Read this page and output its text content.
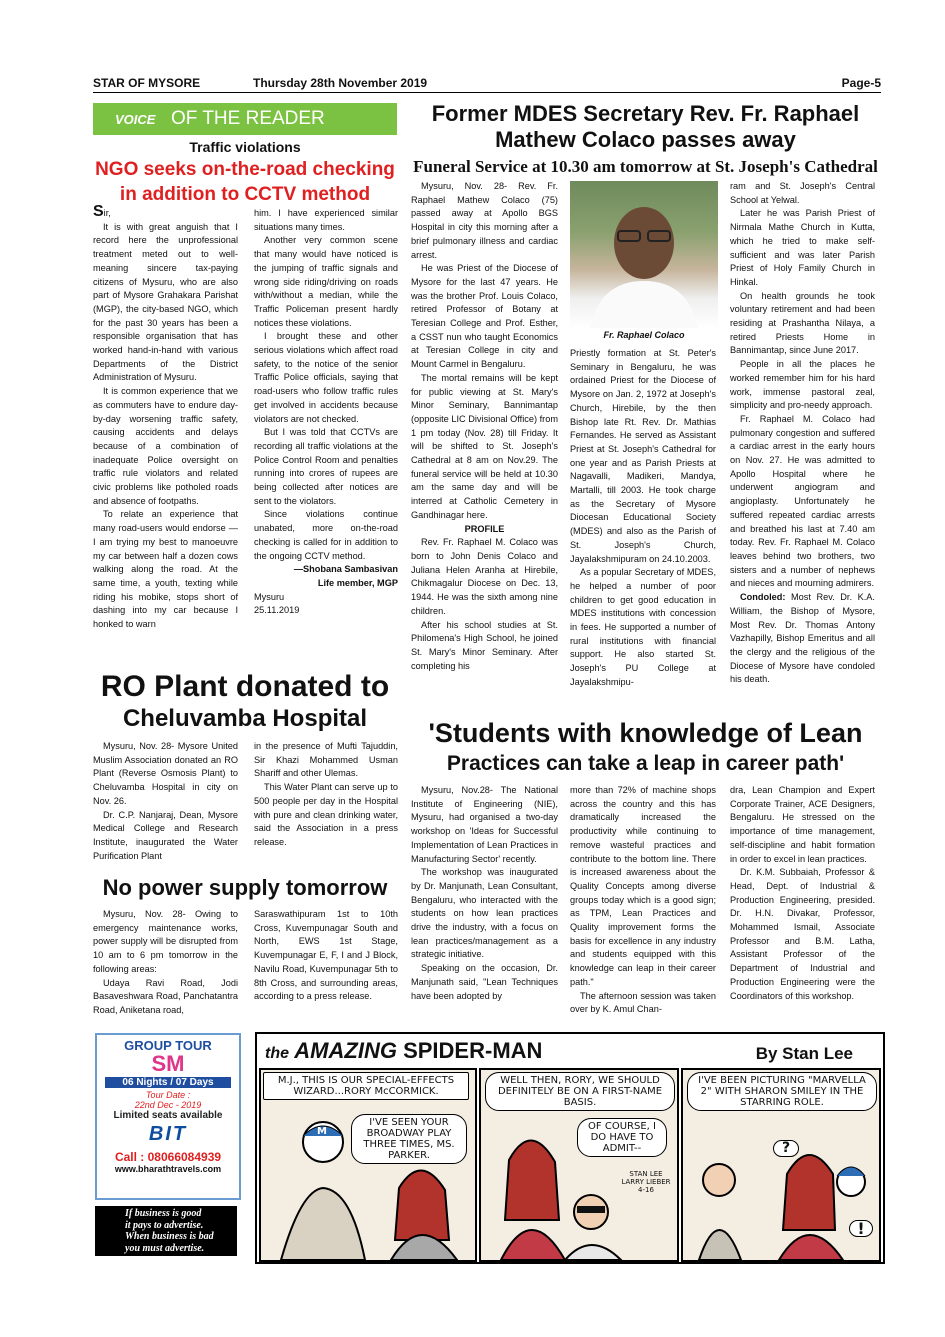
STAR OF MYSORE	Thursday 28th November 2019	Page-5
VOICE OF THE READER
Traffic violations
NGO seeks on-the-road checking in addition to CCTV method

Sir,

It is with great anguish that I record here the unprofessional treatment meted out to well-meaning sincere tax-paying citizens of Mysuru, who are also part of Mysore Grahakara Parishat (MGP), the city-based NGO, which for the past 30 years has been a responsible organisation that has worked hand-in-hand with various Departments of the District Administration of Mysuru.

It is common experience that we as commuters have to endure day-by-day worsening traffic safety, causing accidents and delays because of a combination of inadequate Police oversight on traffic rule violators and related civic problems like potholed roads and absence of footpaths.

To relate an experience that many road-users would endorse — I am trying my best to manoeuvre my car between half a dozen cows walking along the road. At the same time, a youth, texting while riding his mobike, stops short of dashing into my car because I honked to warn

him. I have experienced similar situations many times.

Another very common scene that many would have noticed is the jumping of traffic signals and wrong side riding/driving on roads with/without a median, while the Traffic Policeman present hardly notices these violations.

I brought these and other serious violations which affect road safety, to the notice of the senior Traffic Police officials, saying that road-users who follow traffic rules get involved in accidents because violators are not checked.

But I was told that CCTVs are recording all traffic violations at the Police Control Room and penalties running into crores of rupees are being collected after notices are sent to the violators.

Since violations continue unabated, more on-the-road checking is called for in addition to the ongoing CCTV method.

—Shobana Sambasivan

Life member, MGP

Mysuru

25.11.2019

Former MDES Secretary Rev. Fr. Raphael Mathew Colaco passes away
Funeral Service at 10.30 am tomorrow at St. Joseph's Cathedral

Mysuru, Nov. 28- Rev. Fr. Raphael Mathew Colaco (75) passed away at Apollo BGS Hospital in city this morning after a brief pulmonary illness and cardiac arrest.

He was Priest of the Diocese of Mysore for the last 47 years. He was the brother Prof. Louis Colaco, retired Professor of Botany at Teresian College and Prof. Esther, a CSST nun who taught Economics at Teresian College in city and Mount Carmel in Bengaluru.

The mortal remains will be kept for public viewing at St. Mary's Minor Seminary, Bannimantap (opposite LIC Divisional Office) from 1 pm today (Nov. 28) till Friday. It will be shifted to St. Joseph's Cathedral at 8 am on Nov.29. The funeral service will be held at 10.30 am the same day and will be interred at Catholic Cemetery in Gandhinagar here.

PROFILE

Rev. Fr. Raphael M. Colaco was born to John Denis Colaco and Juliana Helen Aranha at Hirebile, Chikmagalur Diocese on Dec. 13, 1944. He was the sixth among nine children.

After his school studies at St. Philomena's High School, he joined St. Mary's Minor Seminary. After completing his

Fr. Raphael Colaco

Priestly formation at St. Peter's Seminary in Bengaluru, he was ordained Priest for the Diocese of Mysore on Jan. 2, 1972 at Joseph's Church, Hirebile, by the then Bishop late Rt. Rev. Dr. Mathias Fernandes. He served as Assistant Priest at St. Joseph's Cathedral for one year and as Parish Priests at Nagavalli, Madikeri, Mandya, Martalli, till 2003. He took charge as the Secretary of Mysore Diocesan Educational Society (MDES) and also as the Parish of St. Joseph's Church, Jayalakshmipuram on 24.10.2003.

As a popular Secretary of MDES, he helped a number of poor children to get good education in MDES institutions with concession in fees. He supported a number of rural institutions with financial support. He also started St. Joseph's PU College at Jayalakshmipu-

ram and St. Joseph's Central School at Yelwal.

Later he was Parish Priest of Nirmala Mathe Church in Kutta, which he tried to make self-sufficient and was later Parish Priest of Holy Family Church in Hinkal.

On health grounds he took voluntary retirement and had been residing at Prashantha Nilaya, a retired Priests Home in Bannimantap, since June 2017.

People in all the places he worked remember him for his hard work, immense pastoral zeal, simplicity and pro-needy approach.

Fr. Raphael M. Colaco had pulmonary congestion and suffered a cardiac arrest in the early hours on Nov. 27. He was admitted to Apollo Hospital where he underwent angiogram and angioplasty. Unfortunately he suffered repeated cardiac arrests and breathed his last at 7.40 am today. Rev. Fr. Raphael M. Colaco leaves behind two brothers, two sisters and a number of nephews and nieces and mourning admirers.

Condoled: Most Rev. Dr. K.A. William, the Bishop of Mysore, Most Rev. Dr. Thomas Antony Vazhapilly, Bishop Emeritus and all the clergy and the religious of the Diocese of Mysore have condoled his death.

RO Plant donated to
Cheluvamba Hospital

Mysuru, Nov. 28- Mysore United Muslim Association donated an RO Plant (Reverse Osmosis Plant) to Cheluvamba Hospital in city on Nov. 26.

Dr. C.P. Nanjaraj, Dean, Mysore Medical College and Research Institute, inaugurated the Water Purification Plant

in the presence of Mufti Tajuddin, Sir Khazi Mohammed Usman Shariff and other Ulemas.

This Water Plant can serve up to 500 people per day in the Hospital with pure and clean drinking water, said the Association in a press release.

No power supply tomorrow

Mysuru, Nov. 28- Owing to emergency maintenance works, power supply will be disrupted from 10 am to 6 pm tomorrow in the following areas:

Udaya Ravi Road, Jodi Basaveshwara Road, Panchatantra Road, Aniketana road,

Saraswathipuram 1st to 10th Cross, Kuvempunagar South and North, EWS 1st Stage, Kuvempunagar E, F, I and J Block, Navilu Road, Kuvempunagar 5th to 8th Cross, and surrounding areas, according to a press release.

'Students with knowledge of Lean
Practices can take a leap in career path'

Mysuru, Nov.28- The National Institute of Engineering (NIE), Mysuru, had organised a two-day workshop on 'Ideas for Successful Implementation of Lean Practices in Manufacturing Sector' recently.

The workshop was inaugurated by Dr. Manjunath, Lean Consultant, Bengaluru, who interacted with the students on how lean practices drive the industry, with a focus on lean practices/management as a strategic initiative.

Speaking on the occasion, Dr. Manjunath said, "Lean Techniques have been adopted by

more than 72% of machine shops across the country and this has dramatically increased the productivity while continuing to remove wasteful practices and contribute to the bottom line. There is increased awareness about the Quality Concepts among diverse groups today which is a good sign; as TPM, Lean Practices and Quality improvement forms the basis for excellence in any industry and students equipped with this knowledge can leap in their career path."

The afternoon session was taken over by K. Amul Chan-

dra, Lean Champion and Expert Corporate Trainer, ACE Designers, Bengaluru. He stressed on the importance of time management, self-discipline and habit formation in order to excel in lean practices.

Dr. K.M. Subbaiah, Professor & Head, Dept. of Industrial & Production Engineering, presided. Dr. H.N. Divakar, Professor, Mohammed Ismail, Associate Professor and B.M. Latha, Assistant Professor of the Department of Industrial and Production Engineering were the Coordinators of this workshop.

GROUP TOUR
SM
06 Nights / 07 Days
Tour Date :
22nd Dec - 2019
Limited seats available
BIT
Call : 08066084939
www.bharathtravels.com
If business is good
it pays to advertise.
When business is bad
you must advertise.
the AMAZING SPIDER-MAN	By Stan Lee
M.J., THIS IS OUR SPECIAL-EFFECTS WIZARD...RORY McCORMICK.
I'VE SEEN YOUR BROADWAY PLAY THREE TIMES, MS. PARKER.
M
WELL THEN, RORY, WE SHOULD DEFINITELY BE ON A FIRST-NAME BASIS.
OF COURSE, I DO HAVE TO ADMIT--
STAN LEE LARRY LIEBER 4-16
I'VE BEEN PICTURING "MARVELLA 2" WITH SHARON SMILEY IN THE STARRING ROLE.
?
!
